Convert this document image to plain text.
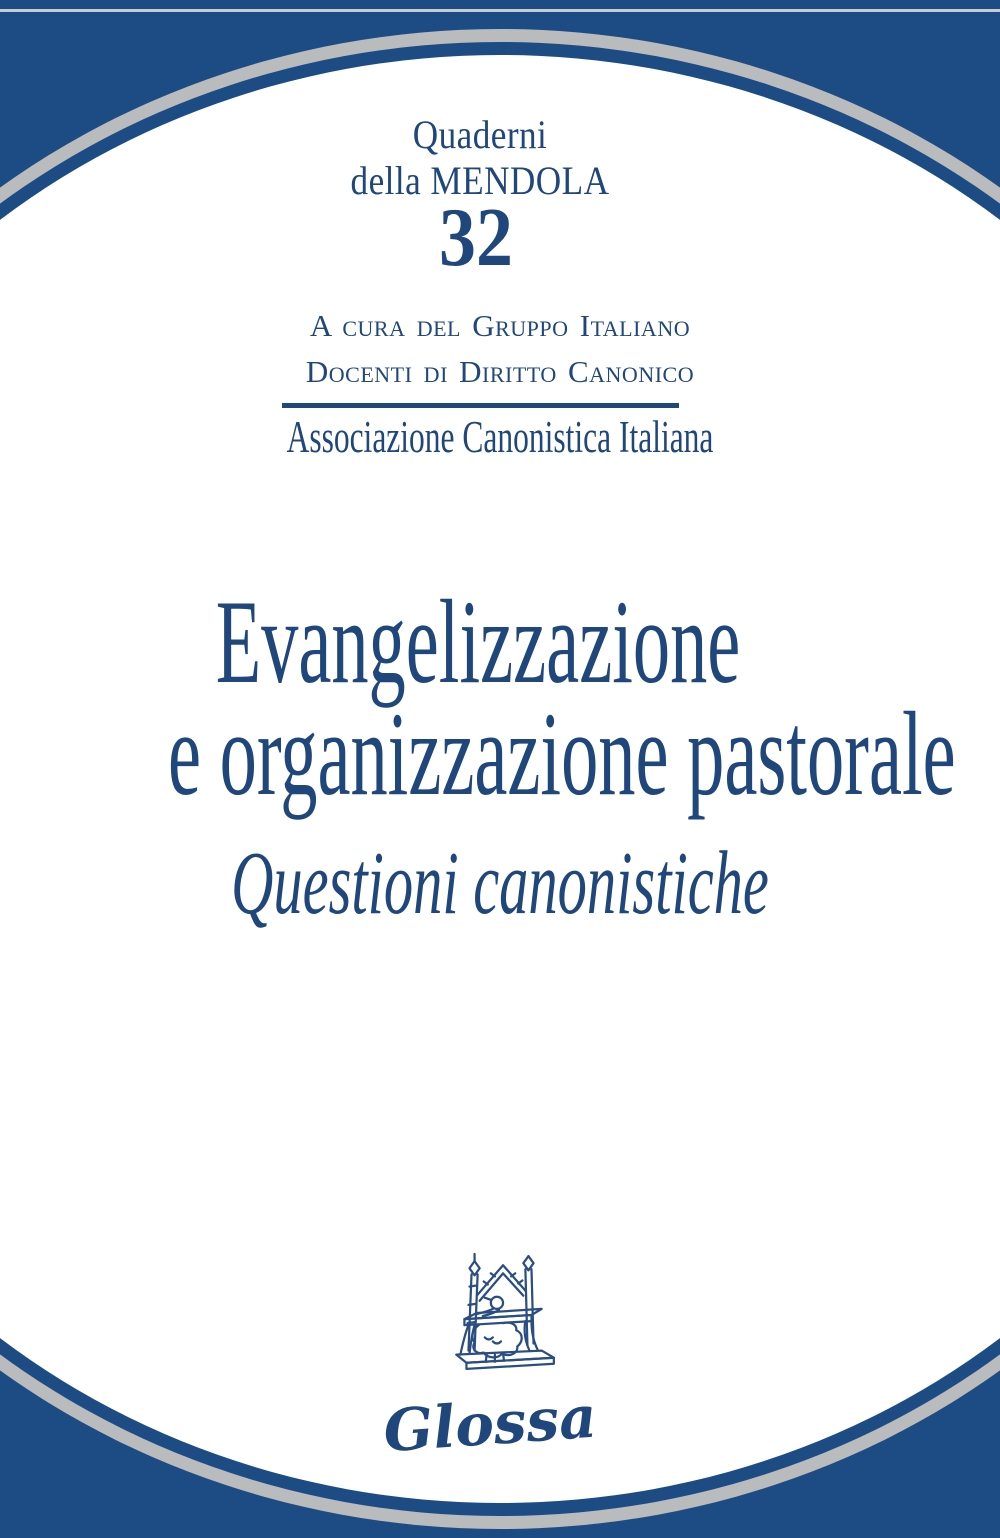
Quaderni
della MENDOLA
32
A cura del Gruppo Italiano
Docenti di Diritto Canonico
Associazione Canonistica Italiana
Evangelizzazione
e organizzazione pastorale
Questioni canonistiche
Glossa
